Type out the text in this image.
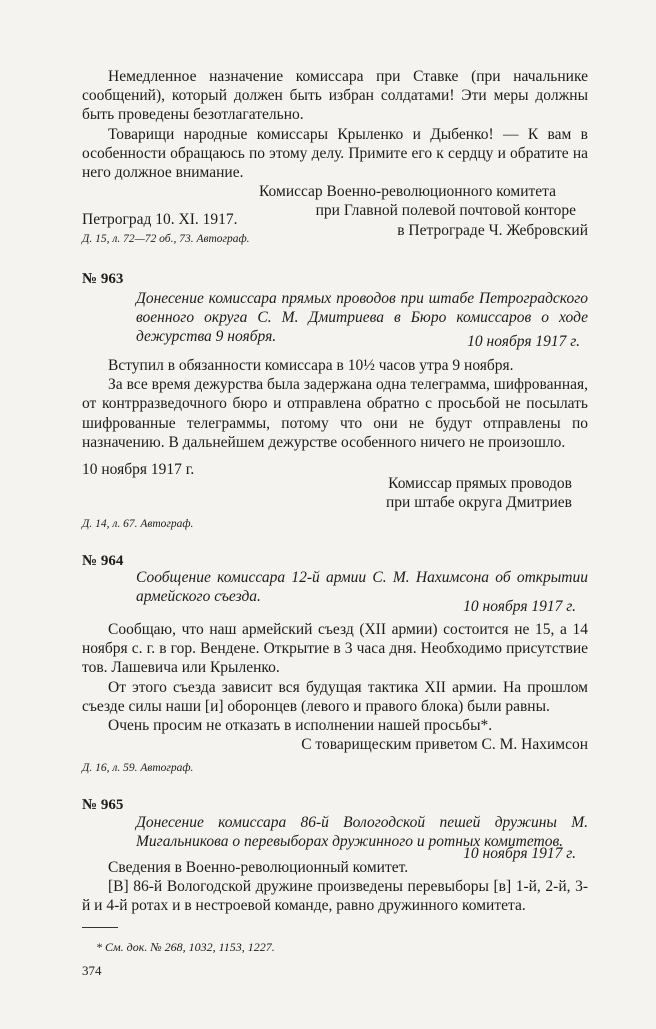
Немедленное назначение комиссара при Ставке (при начальнике сообщений), который должен быть избран солдатами! Эти меры должны быть проведены безотлагательно.

Товарищи народные комиссары Крыленко и Дыбенко! — К вам в особенности обращаюсь по этому делу. Примите его к сердцу и обратите на него должное внимание.

Комиссар Военно-революционного комитета

при Главной полевой почтовой конторе

в Петрограде Ч. Жебровский

Петроград 10. XI. 1917.

Д. 15, л. 72—72 об., 73. Автограф.

№ 963

Донесение комиссара прямых проводов при штабе Петроградского военного округа С. М. Дмитриева в Бюро комиссаров о ходе дежурства 9 ноября.	10 ноября 1917 г.

Вступил в обязанности комиссара в 10½ часов утра 9 ноября.

За все время дежурства была задержана одна телеграмма, шифрованная, от контрразведочного бюро и отправлена обратно с просьбой не посылать шифрованные телеграммы, потому что они не будут отправлены по назначению. В дальнейшем дежурстве особенного ничего не произошло.

10 ноября 1917 г.

Комиссар прямых проводов

при штабе округа Дмитриев

Д. 14, л. 67. Автограф.

№ 964

Сообщение комиссара 12-й армии С. М. Нахимсона об открытии армейского съезда.

10 ноября 1917 г.

Сообщаю, что наш армейский съезд (XII армии) состоится не 15, а 14 ноября с. г. в гор. Вендене. Открытие в 3 часа дня. Необходимо присутствие тов. Лашевича или Крыленко.

От этого съезда зависит вся будущая тактика XII армии. На прошлом съезде силы наши [и] оборонцев (левого и правого блока) были равны.

Очень просим не отказать в исполнении нашей просьбы*.

С товарищеским приветом С. М. Нахимсон

Д. 16, л. 59. Автограф.

№ 965

Донесение комиссара 86-й Вологодской пешей дружины М. Мигальникова о перевыборах дружинного и ротных комитетов.

10 ноября 1917 г.

Сведения в Военно-революционный комитет.

[В] 86-й Вологодской дружине произведены перевыборы [в] 1-й, 2-й, 3-й и 4-й ротах и в нестроевой команде, равно дружинного комитета.

* См. док. № 268, 1032, 1153, 1227.

374
